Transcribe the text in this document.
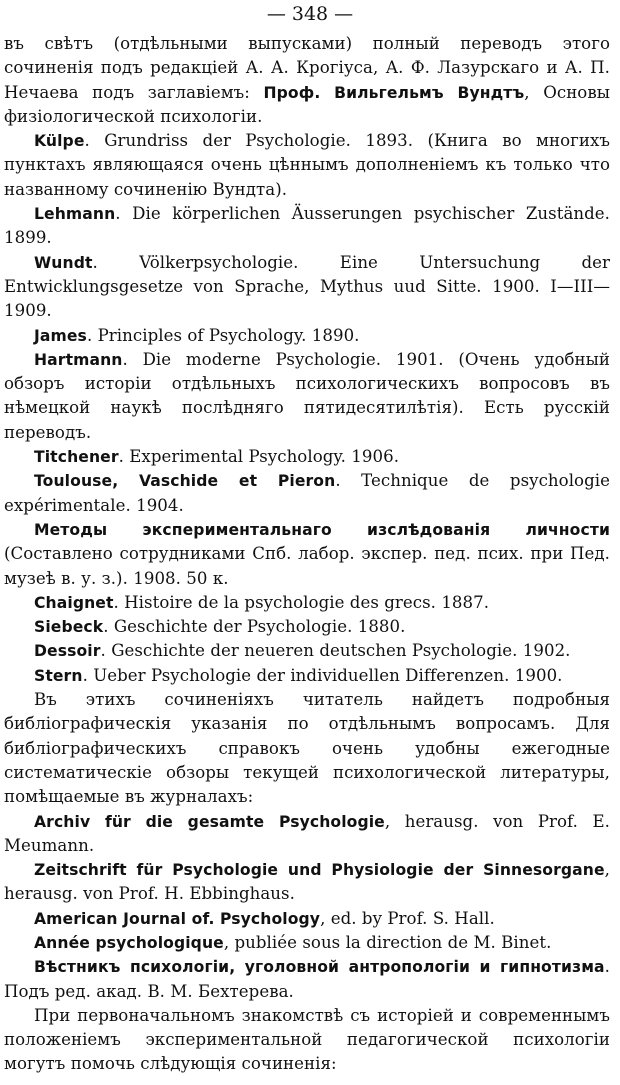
— 348 —

въ свѣтъ (отдѣльными выпусками) полный переводъ этого сочиненія подъ редакціей А. А. Крогіуса, А. Ф. Лазурскаго и А. П. Нечаева подъ заглавіемъ: Проф. Вильгельмъ Вундтъ, Основы физіологической психологіи.

Külpe. Grundriss der Psychologie. 1893. (Книга во многихъ пунктахъ являющаяся очень цѣннымъ дополненіемъ къ только что названному сочиненію Вундта).

Lehmann. Die körperlichen Äusserungen psychischer Zustände. 1899.

Wundt. Völkerpsychologie. Eine Untersuchung der Entwicklungsgesetze von Sprache, Mythus uud Sitte. 1900. I—III—1909.

James. Principles of Psychology. 1890.

Hartmann. Die moderne Psychologie. 1901. (Очень удобный обзоръ исторіи отдѣльныхъ психологическихъ вопросовъ въ нѣмецкой наукѣ послѣдняго пятидесятилѣтія). Есть русскій переводъ.

Titchener. Experimental Psychology. 1906.

Toulouse, Vaschide et Pieron. Technique de psychologie expérimentale. 1904.

Методы экспериментальнаго изслѣдованія личности (Составлено сотрудниками Спб. лабор. экспер. пед. псих. при Пед. музеѣ в. у. з.). 1908. 50 к.

Chaignet. Histoire de la psychologie des grecs. 1887.

Siebeck. Geschichte der Psychologie. 1880.

Dessoir. Geschichte der neueren deutschen Psychologie. 1902.

Stern. Ueber Psychologie der individuellen Differenzen. 1900.

Въ этихъ сочиненіяхъ читатель найдетъ подробныя библіографическія указанія по отдѣльнымъ вопросамъ. Для библіографическихъ справокъ очень удобны ежегодные систематическіе обзоры текущей психологической литературы, помѣщаемые въ журналахъ:

Archiv für die gesamte Psychologie, herausg. von Prof. E. Meumann.

Zeitschrift für Psychologie und Physiologie der Sinnesorgane, herausg. von Prof. H. Ebbinghaus.

American Journal of. Psychology, ed. by Prof. S. Hall.

Année psychologique, publiée sous la direction de M. Binet.

Вѣстникъ психологіи, уголовной антропологіи и гипнотизма. Подъ ред. акад. В. М. Бехтерева.

При первоначальномъ знакомствѣ съ исторіей и современнымъ положеніемъ экспериментальной педагогической психологіи могутъ помочь слѣдующія сочиненія:
